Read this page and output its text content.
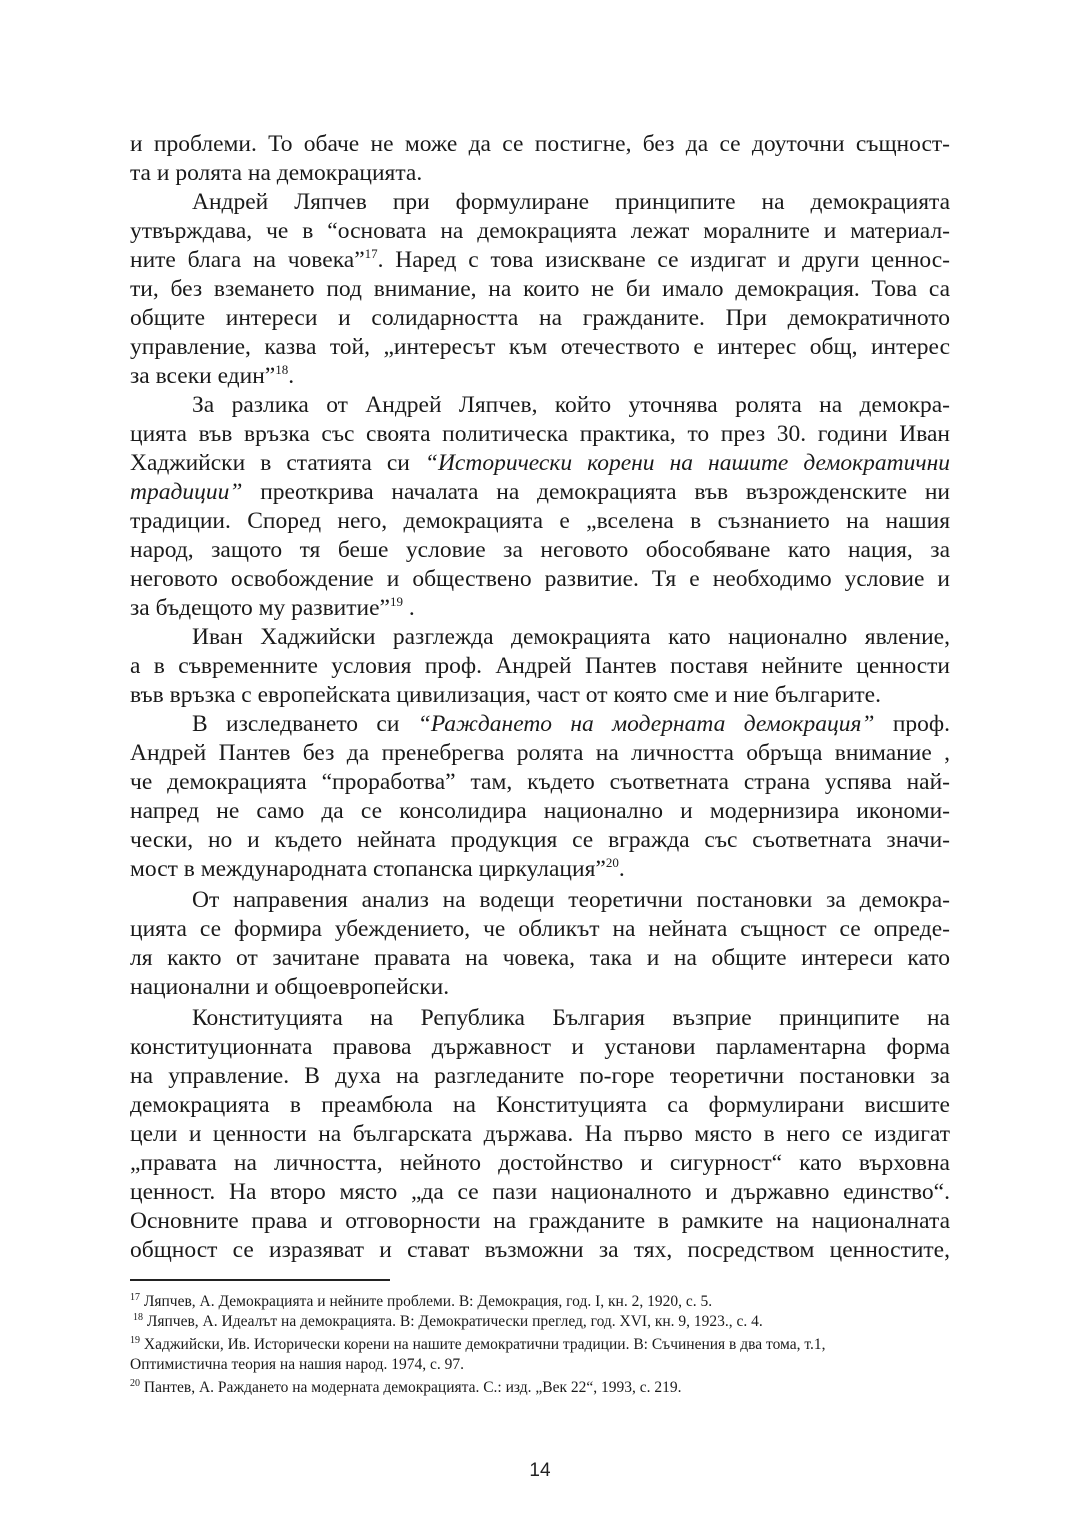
и проблеми. То обаче не може да се постигне, без да се доуточни същност-
та и ролята на демокрацията.
Андрей Ляпчев при формулиране принципите на демокрацията
утвърждава, че в “основата на демокрацията лежат моралните и материал-
ните блага на човека”$^{17}$. Наред с това изискване се издигат и други ценнос-
ти, без вземането под внимание, на които не би имало демокрация. Това са
общите интереси и солидарността на гражданите. При демократичното
управление, казва той, „интересът към отечеството е интерес общ, интерес
за всеки един”$^{18}$.
За разлика от Андрей Ляпчев, който уточнява ролята на демокра-
цията във връзка със своята политическа практика, то през 30. години Иван
Хаджийски в статията си “Исторически корени на нашите демократични
традиции” преоткрива началата на демокрацията във възрожденските ни
традиции. Според него, демокрацията е „вселена в съзнанието на нашия
народ, защото тя беше условие за неговото обособяване като нация, за
неговото освобождение и обществено развитие. Тя е необходимо условие и
за бъдещото му развитие”$^{19}$ .
Иван Хаджийски разглежда демокрацията като национално явление,
а в съвременните условия проф. Андрей Пантев поставя нейните ценности
във връзка с европейската цивилизация, част от която сме и ние българите.
В изследването си “Раждането на модерната демокрация” проф.
Андрей Пантев без да пренебрегва ролята на личността обръща внимание ,
че демокрацията “проработва” там, където съответната страна успява най-
напред не само да се консолидира национално и модернизира икономи-
чески, но и където нейната продукция се вгражда със съответната значи-
мост в международната стопанска циркулация”$^{20}$.
От направения анализ на водещи теоретични постановки за демокра-
цията се формира убеждението, че обликът на нейната същност се опреде-
ля както от зачитане правата на човека, така и на общите интереси като
национални и общоевропейски.
Конституцията на Република България възприе принципите на
конституционната правова държавност и установи парламентарна форма
на управление. В духа на разгледаните по-горе теоретични постановки за
демокрацията в преамбюла на Конституцията са формулирани висшите
цели и ценности на българската държава. На първо място в него се издигат
„правата на личността, нейното достойнство и сигурност“ като върховна
ценност. На второ място „да се пази националното и държавно единство“.
Основните права и отговорности на гражданите в рамките на националната
общност се изразяват и стават възможни за тях, посредством ценностите,
$^{17}$ Ляпчев, А. Демокрацията и нейните проблеми. В: Демокрация, год. I, кн. 2, 1920, с. 5.
$^{18}$ Ляпчев, А. Идеалът на демокрацията. В: Демократически преглед, год. XVI, кн. 9, 1923., с. 4.
$^{19}$ Хаджийски, Ив. Исторически корени на нашите демократични традиции. В: Съчинения в два тома, т.1,
Оптимистична теория на нашия народ. 1974, с. 97.
$^{20}$ Пантев, А. Раждането на модерната демокрацията. С.: изд. „Век 22“, 1993, с. 219.
14
